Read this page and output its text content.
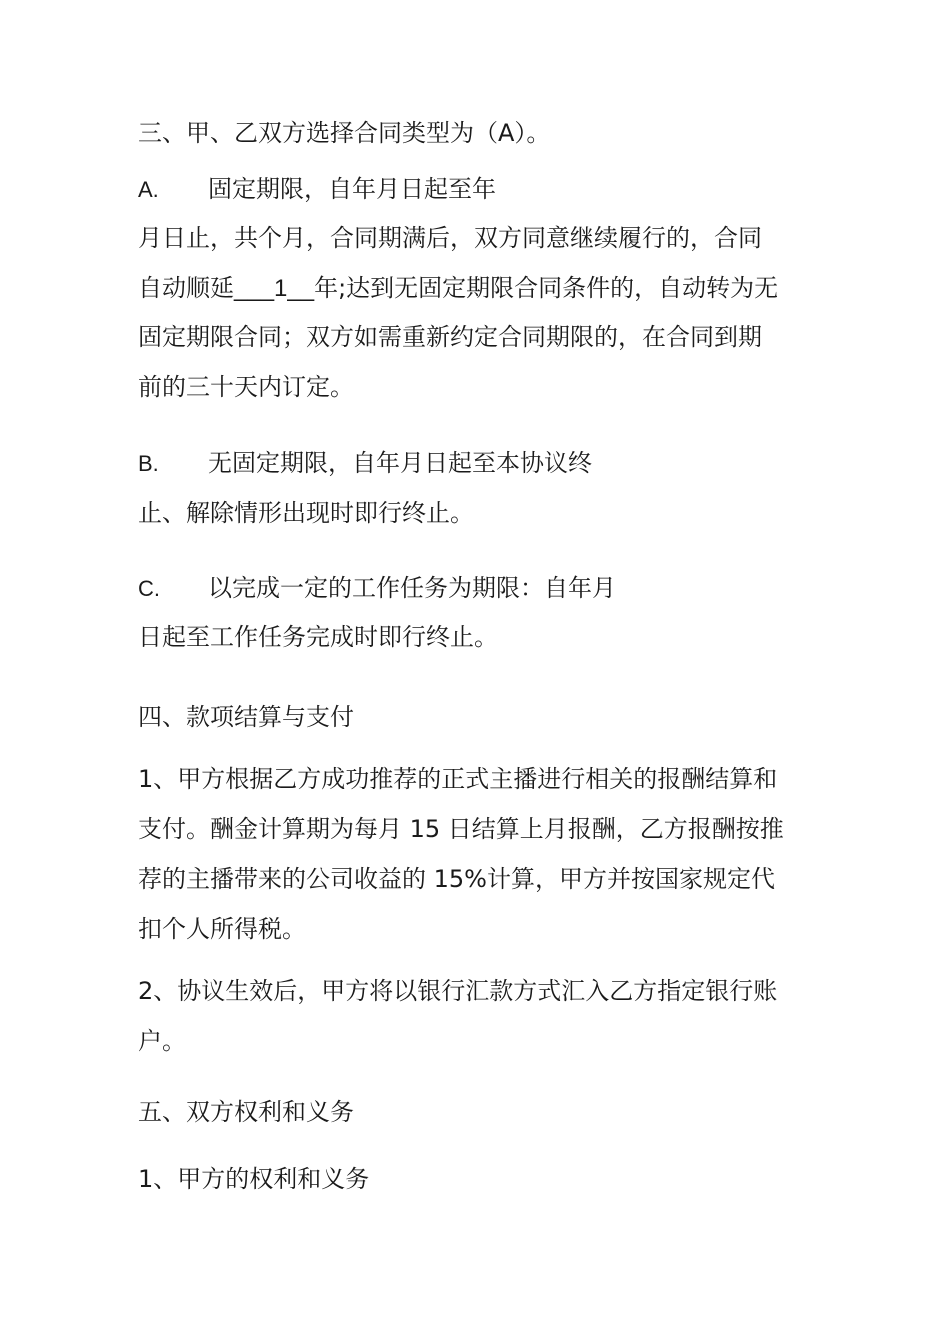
三、甲、乙双方选择合同类型为（A）。
A. 固定期限，自年月日起至年
月日止，共个月，合同期满后，双方同意继续履行的，合同
自动顺延___1__年;达到无固定期限合同条件的，自动转为无
固定期限合同；双方如需重新约定合同期限的，在合同到期
前的三十天内订定。
B. 无固定期限，自年月日起至本协议终
止、解除情形出现时即行终止。
C. 以完成一定的工作任务为期限：自年月
日起至工作任务完成时即行终止。
四、款项结算与支付
1、甲方根据乙方成功推荐的正式主播进行相关的报酬结算和
支付。酬金计算期为每月 15 日结算上月报酬，乙方报酬按推
荐的主播带来的公司收益的 15%计算，甲方并按国家规定代
扣个人所得税。
2、协议生效后，甲方将以银行汇款方式汇入乙方指定银行账
户。
五、双方权利和义务
1、甲方的权利和义务
